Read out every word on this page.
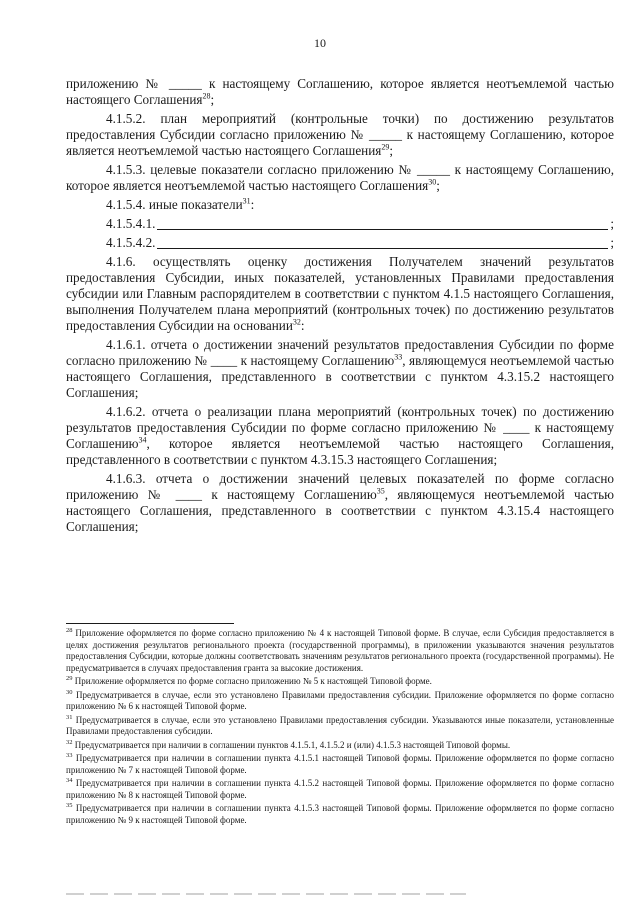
10

приложению № _____ к настоящему Соглашению, которое является неотъемлемой частью настоящего Соглашения$^{28}$;

4.1.5.2. план мероприятий (контрольные точки) по достижению результатов предоставления Субсидии согласно приложению № _____ к настоящему Соглашению, которое является неотъемлемой частью настоящего Соглашения$^{29}$;

4.1.5.3. целевые показатели согласно приложению № _____ к настоящему Соглашению, которое является неотъемлемой частью настоящего Соглашения$^{30}$;

4.1.5.4. иные показатели$^{31}$:

4.1.5.4.1.	;

4.1.5.4.2.	;

4.1.6. осуществлять оценку достижения Получателем значений результатов предоставления Субсидии, иных показателей, установленных Правилами предоставления субсидии или Главным распорядителем в соответствии с пунктом 4.1.5 настоящего Соглашения, выполнения Получателем плана мероприятий (контрольных точек) по достижению результатов предоставления Субсидии на основании$^{32}$:

4.1.6.1. отчета о достижении значений результатов предоставления Субсидии по форме согласно приложению № ____ к настоящему Соглашению$^{33}$, являющемуся неотъемлемой частью настоящего Соглашения, представленного в соответствии с пунктом 4.3.15.2 настоящего Соглашения;

4.1.6.2. отчета о реализации плана мероприятий (контрольных точек) по достижению результатов предоставления Субсидии по форме согласно приложению № ____ к настоящему Соглашению$^{34}$, которое является неотъемлемой частью настоящего Соглашения, представленного в соответствии с пунктом 4.3.15.3 настоящего Соглашения;

4.1.6.3. отчета о достижении значений целевых показателей по форме согласно приложению № ____ к настоящему Соглашению$^{35}$, являющемуся неотъемлемой частью настоящего Соглашения, представленного в соответствии с пунктом 4.3.15.4 настоящего Соглашения;

$^{28}$ Приложение оформляется по форме согласно приложению № 4 к настоящей Типовой форме. В случае, если Субсидия предоставляется в целях достижения результатов регионального проекта (государственной программы), в приложении указываются значения результатов предоставления Субсидии, которые должны соответствовать значениям результатов регионального проекта (государственной программы). Не предусматривается в случаях предоставления гранта за высокие достижения.

$^{29}$ Приложение оформляется по форме согласно приложению № 5 к настоящей Типовой форме.

$^{30}$ Предусматривается в случае, если это установлено Правилами предоставления субсидии. Приложение оформляется по форме согласно приложению № 6 к настоящей Типовой форме.

$^{31}$ Предусматривается в случае, если это установлено Правилами предоставления субсидии. Указываются иные показатели, установленные Правилами предоставления субсидии.

$^{32}$ Предусматривается при наличии в соглашении пунктов 4.1.5.1, 4.1.5.2 и (или) 4.1.5.3 настоящей Типовой формы.

$^{33}$ Предусматривается при наличии в соглашении пункта 4.1.5.1 настоящей Типовой формы. Приложение оформляется по форме согласно приложению № 7 к настоящей Типовой форме.

$^{34}$ Предусматривается при наличии в соглашении пункта 4.1.5.2 настоящей Типовой формы. Приложение оформляется по форме согласно приложению № 8 к настоящей Типовой форме.

$^{35}$ Предусматривается при наличии в соглашении пункта 4.1.5.3 настоящей Типовой формы. Приложение оформляется по форме согласно приложению № 9 к настоящей Типовой форме.
